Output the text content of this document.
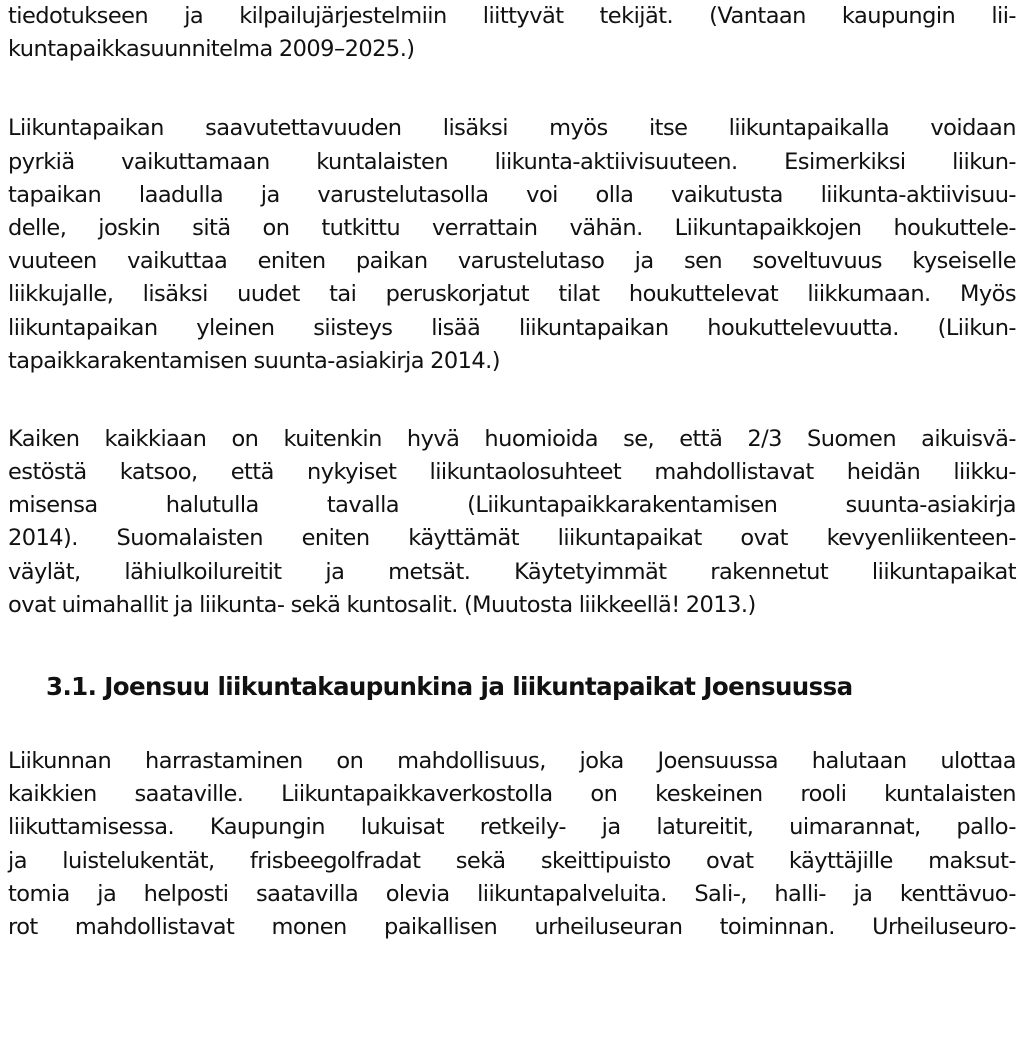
tiedotukseen ja kilpailujärjestelmiin liittyvät tekijät. (Vantaan kaupungin lii-
kuntapaikkasuunnitelma 2009–2025.)

Liikuntapaikan saavutettavuuden lisäksi myös itse liikuntapaikalla voidaan
pyrkiä vaikuttamaan kuntalaisten liikunta-aktiivisuuteen. Esimerkiksi liikun-
tapaikan laadulla ja varustelutasolla voi olla vaikutusta liikunta-aktiivisuu-
delle, joskin sitä on tutkittu verrattain vähän. Liikuntapaikkojen houkuttele-
vuuteen vaikuttaa eniten paikan varustelutaso ja sen soveltuvuus kyseiselle
liikkujalle, lisäksi uudet tai peruskorjatut tilat houkuttelevat liikkumaan. Myös
liikuntapaikan yleinen siisteys lisää liikuntapaikan houkuttelevuutta. (Liikun-
tapaikkarakentamisen suunta-asiakirja 2014.)

Kaiken kaikkiaan on kuitenkin hyvä huomioida se, että 2/3 Suomen aikuisvä-
estöstä katsoo, että nykyiset liikuntaolosuhteet mahdollistavat heidän liikku-
misensa halutulla tavalla (Liikuntapaikkarakentamisen suunta-asiakirja
2014). Suomalaisten eniten käyttämät liikuntapaikat ovat kevyenliikenteen-
väylät, lähiulkoilureitit ja metsät. Käytetyimmät rakennetut liikuntapaikat
ovat uimahallit ja liikunta- sekä kuntosalit. (Muutosta liikkeellä! 2013.)

3.1. Joensuu liikuntakaupunkina ja liikuntapaikat Joensuussa

Liikunnan harrastaminen on mahdollisuus, joka Joensuussa halutaan ulottaa
kaikkien saataville. Liikuntapaikkaverkostolla on keskeinen rooli kuntalaisten
liikuttamisessa. Kaupungin lukuisat retkeily- ja latureitit, uimarannat, pallo-
ja luistelukentät, frisbeegolfradat sekä skeittipuisto ovat käyttäjille maksut-
tomia ja helposti saatavilla olevia liikuntapalveluita. Sali-, halli- ja kenttävuo-
rot mahdollistavat monen paikallisen urheiluseuran toiminnan. Urheiluseuro-
